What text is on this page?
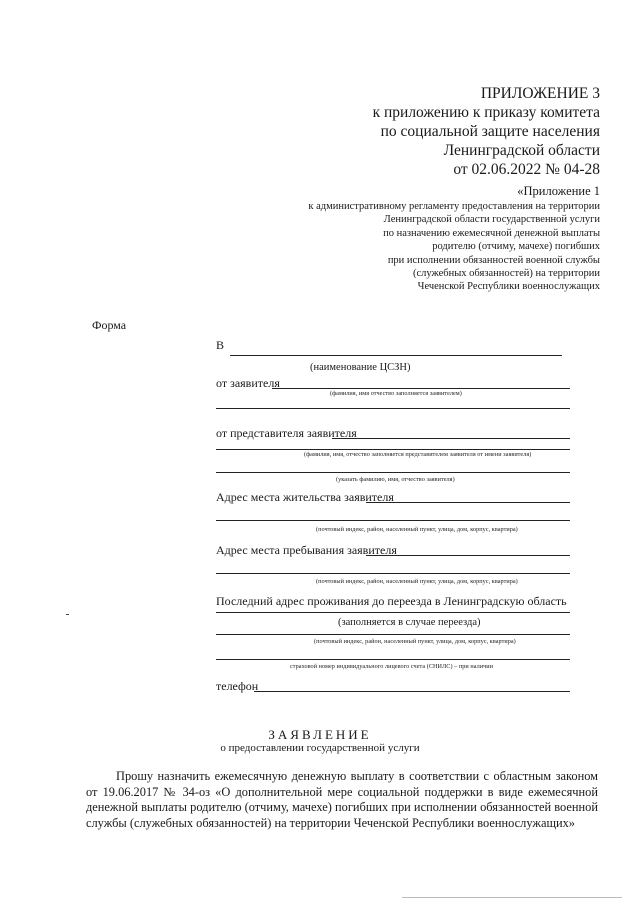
ПРИЛОЖЕНИЕ 3
к приложению к приказу комитета
по социальной защите населения
Ленинградской области
от 02.06.2022 № 04-28
«Приложение 1
к административному регламенту предоставления на территории
Ленинградской области государственной услуги
по назначению ежемесячной денежной выплаты
родителю (отчиму, мачехе) погибших
при исполнении обязанностей военной службы
(служебных обязанностей) на территории
Чеченской Республики военнослужащих
Форма
В
(наименование ЦСЗН)
от заявителя
(фамилия, имя отчество заполняется заявителем)
от представителя заявителя
(фамилия, имя, отчество заполняется представителем заявителя от имени заявителя)
(указать фамилию, имя, отчество заявителя)
Адрес места жительства заявителя
(почтовый индекс, район, населенный пункт, улица, дом, корпус, квартира)
Адрес места пребывания заявителя
(почтовый индекс, район, населенный пункт, улица, дом, корпус, квартира)
Последний адрес проживания до переезда в Ленинградскую область
(заполняется в случае переезда)
(почтовый индекс, район, населенный пункт, улица, дом, корпус, квартира)
страховой номер индивидуального лицевого счета (СНИЛС) – при наличии
телефон
ЗАЯВЛЕНИЕ
о предоставлении государственной услуги

Прошу назначить ежемесячную денежную выплату в соответствии с областным законом от 19.06.2017 № 34-оз «О дополнительной мере социальной поддержки в виде ежемесячной денежной выплаты родителю (отчиму, мачехе) погибших при исполнении обязанностей военной службы (служебных обязанностей) на территории Чеченской Республики военнослужащих»
